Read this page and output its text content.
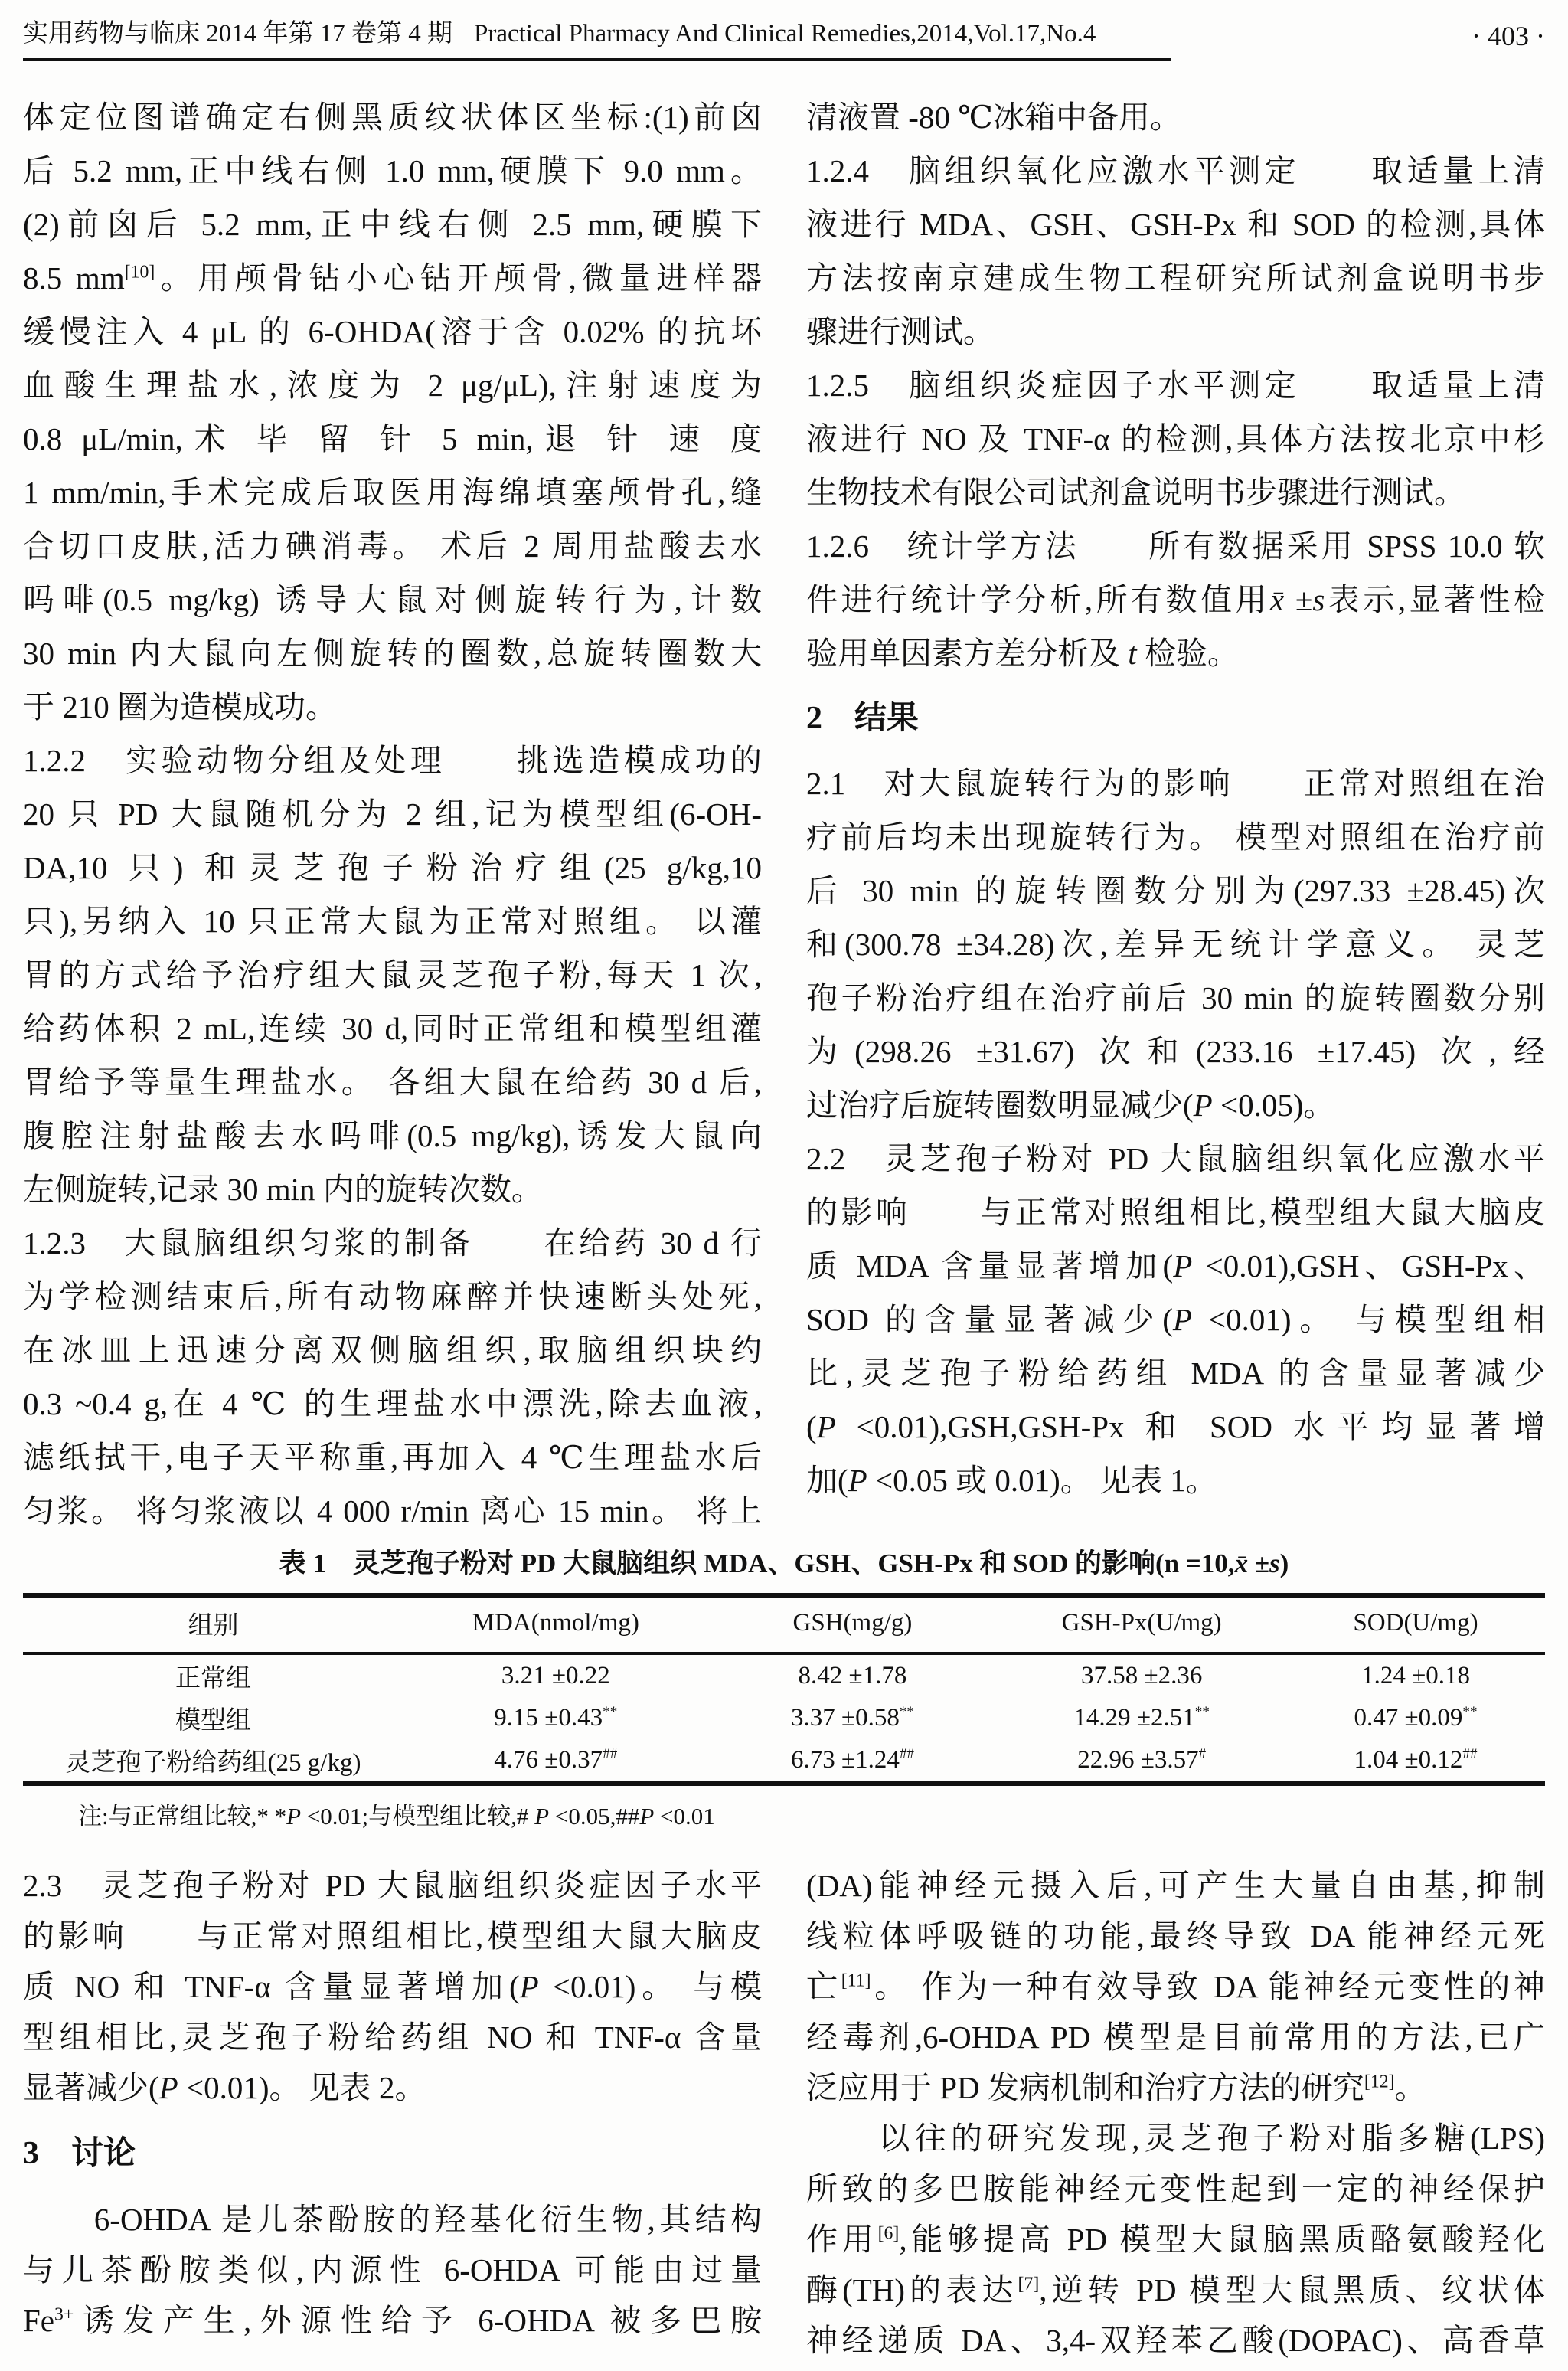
实用药物与临床 2014 年第 17 卷第 4 期 Practical Pharmacy And Clinical Remedies,2014,Vol.17,No.4	· 403 ·
体定位图谱确定右侧黑质纹状体区坐标:(1)前囟
后 5.2 mm,正中线右侧 1.0 mm,硬膜下 9.0 mm。
(2)前囟后 5.2 mm,正中线右侧 2.5 mm,硬膜下
8.5 mm[10]。用颅骨钻小心钻开颅骨,微量进样器
缓慢注入 4 μL 的 6-OHDA(溶于含 0.02% 的抗坏
血酸生理盐水,浓度为 2 μg/μL),注射速度为
0.8 μL/min,术 毕 留 针 5 min,退 针 速 度
1 mm/min,手术完成后取医用海绵填塞颅骨孔,缝
合切口皮肤,活力碘消毒。 术后 2 周用盐酸去水
吗啡(0.5 mg/kg) 诱导大鼠对侧旋转行为,计数
30 min 内大鼠向左侧旋转的圈数,总旋转圈数大
于 210 圈为造模成功。
1.2.2　实验动物分组及处理　　挑选造模成功的
20 只 PD 大鼠随机分为 2 组,记为模型组(6-OH-
DA,10 只) 和灵芝孢子粉治疗组(25 g/kg,10
只),另纳入 10 只正常大鼠为正常对照组。 以灌
胃的方式给予治疗组大鼠灵芝孢子粉,每天 1 次,
给药体积 2 mL,连续 30 d,同时正常组和模型组灌
胃给予等量生理盐水。 各组大鼠在给药 30 d 后,
腹腔注射盐酸去水吗啡(0.5 mg/kg),诱发大鼠向
左侧旋转,记录 30 min 内的旋转次数。
1.2.3　大鼠脑组织匀浆的制备　　在给药 30 d 行
为学检测结束后,所有动物麻醉并快速断头处死,
在冰皿上迅速分离双侧脑组织,取脑组织块约
0.3 ~0.4 g,在 4 ℃ 的生理盐水中漂洗,除去血液,
滤纸拭干,电子天平称重,再加入 4 ℃生理盐水后
匀浆。 将匀浆液以 4 000 r/min 离心 15 min。 将上
清液置 -80 ℃冰箱中备用。
1.2.4　脑组织氧化应激水平测定　　取适量上清
液进行 MDA、GSH、GSH-Px 和 SOD 的检测,具体
方法按南京建成生物工程研究所试剂盒说明书步
骤进行测试。
1.2.5　脑组织炎症因子水平测定　　取适量上清
液进行 NO 及 TNF-α 的检测,具体方法按北京中杉
生物技术有限公司试剂盒说明书步骤进行测试。
1.2.6　统计学方法　　所有数据采用 SPSS 10.0 软
件进行统计学分析,所有数值用x̄ ±s表示,显著性检
验用单因素方差分析及 t 检验。
2　结果
2.1　对大鼠旋转行为的影响　　正常对照组在治
疗前后均未出现旋转行为。 模型对照组在治疗前
后 30 min 的旋转圈数分别为(297.33 ±28.45)次
和(300.78 ±34.28)次,差异无统计学意义。 灵芝
孢子粉治疗组在治疗前后 30 min 的旋转圈数分别
为(298.26 ±31.67) 次和(233.16 ±17.45) 次,经
过治疗后旋转圈数明显减少(P <0.05)。
2.2　灵芝孢子粉对 PD 大鼠脑组织氧化应激水平
的影响　　与正常对照组相比,模型组大鼠大脑皮
质 MDA 含量显著增加(P <0.01),GSH、GSH-Px、
SOD 的含量显著减少(P <0.01)。 与模型组相
比,灵芝孢子粉给药组 MDA 的含量显著减少
(P <0.01),GSH,GSH-Px 和 SOD 水平均显著增
加(P <0.05 或 0.01)。 见表 1。
表 1　灵芝孢子粉对 PD 大鼠脑组织 MDA、GSH、GSH-Px 和 SOD 的影响(n =10,x̄ ±s)
组别	MDA(nmol/mg)	GSH(mg/g)	GSH-Px(U/mg)	SOD(U/mg)
正常组	3.21 ±0.22	8.42 ±1.78	37.58 ±2.36	1.24 ±0.18
模型组	9.15 ±0.43**	3.37 ±0.58**	14.29 ±2.51**	0.47 ±0.09**
灵芝孢子粉给药组(25 g/kg)	4.76 ±0.37##	6.73 ±1.24##	22.96 ±3.57#	1.04 ±0.12##
注:与正常组比较,* *P <0.01;与模型组比较,# P <0.05,##P <0.01
2.3　灵芝孢子粉对 PD 大鼠脑组织炎症因子水平
的影响　　与正常对照组相比,模型组大鼠大脑皮
质 NO 和 TNF-α 含量显著增加(P <0.01)。 与模
型组相比,灵芝孢子粉给药组 NO 和 TNF-α 含量
显著减少(P <0.01)。 见表 2。
3　讨论
　　6-OHDA 是儿茶酚胺的羟基化衍生物,其结构
与儿茶酚胺类似,内源性 6-OHDA 可能由过量
$Fe^{3+}$诱发产生,外源性给予 6-OHDA 被多巴胺
(DA)能神经元摄入后,可产生大量自由基,抑制
线粒体呼吸链的功能,最终导致 DA 能神经元死
亡[11]。 作为一种有效导致 DA 能神经元变性的神
经毒剂,6-OHDA PD 模型是目前常用的方法,已广
泛应用于 PD 发病机制和治疗方法的研究[12]。
　　以往的研究发现,灵芝孢子粉对脂多糖(LPS)
所致的多巴胺能神经元变性起到一定的神经保护
作用[6],能够提高 PD 模型大鼠脑黑质酪氨酸羟化
酶(TH)的表达[7],逆转 PD 模型大鼠黑质、纹状体
神经递质 DA、3,4-双羟苯乙酸(DOPAC)、高香草
